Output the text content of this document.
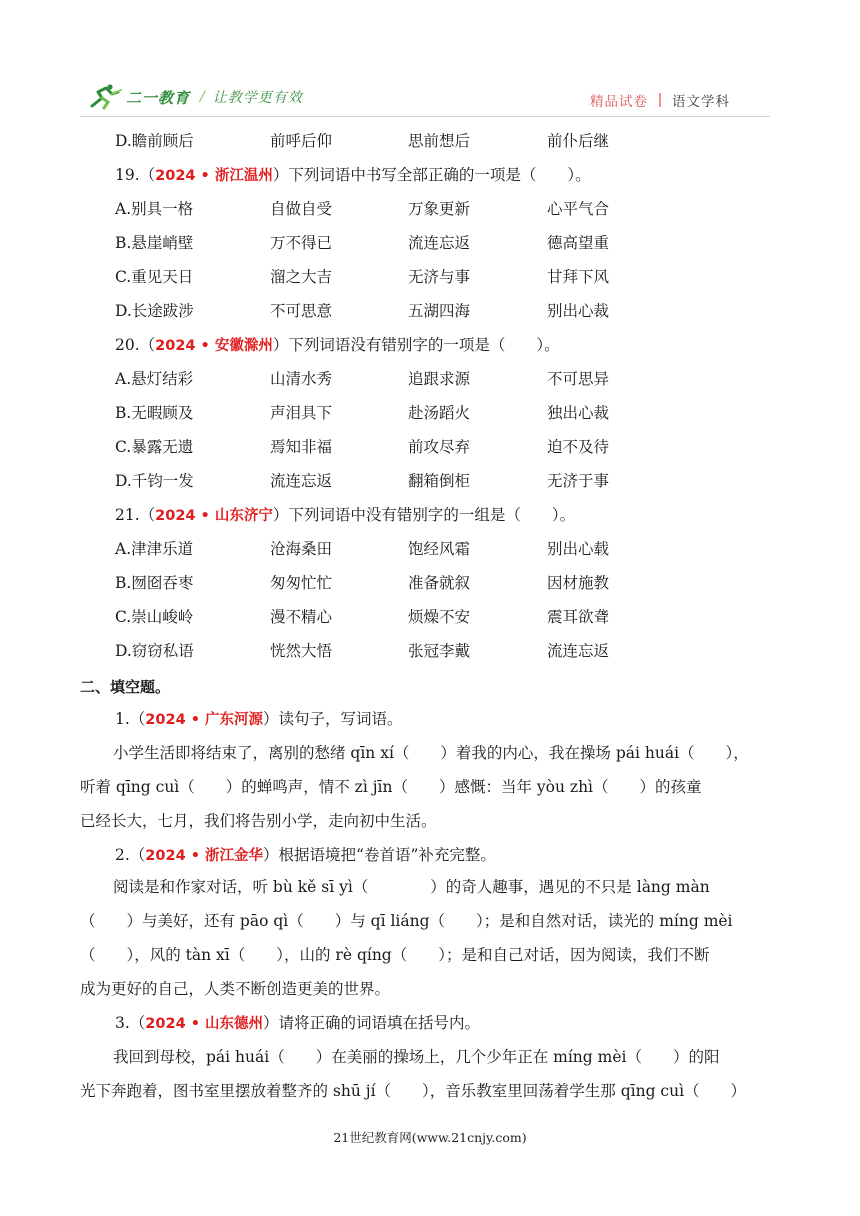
二一教育 / 让教学更有效	精品试卷 语文学科
D.瞻前顾后	前呼后仰	思前想后	前仆后继
19.（2024 • 浙江温州）下列词语中书写全部正确的一项是（　　）。
A.别具一格	自做自受	万象更新	心平气合
B.悬崖峭壁	万不得已	流连忘返	德高望重
C.重见天日	溜之大吉	无济与事	甘拜下风
D.长途跋涉	不可思意	五湖四海	别出心裁
20.（2024 • 安徽滁州）下列词语没有错别字的一项是（　　）。
A.悬灯结彩	山清水秀	追跟求源	不可思异
B.无暇顾及	声泪具下	赴汤蹈火	独出心裁
C.暴露无遗	焉知非福	前攻尽弃	迫不及待
D.千钧一发	流连忘返	翻箱倒柜	无济于事
21.（2024 • 山东济宁）下列词语中没有错别字的一组是（　　）。
A.津津乐道	沧海桑田	饱经风霜	别出心载
B.囫囵吞枣	匆匆忙忙	准备就叙	因材施教
C.崇山峻岭	漫不精心	烦燥不安	震耳欲聋
D.窃窃私语	恍然大悟	张冠李戴	流连忘返
二、填空题。
1.（2024 • 广东河源）读句子，写词语。
小学生活即将结束了，离别的愁绪 qīn xí（　　）着我的内心，我在操场 pái huái（　　），
听着 qīng cuì（　　）的蝉鸣声，情不 zì jīn（　　）感慨：当年 yòu zhì（　　）的孩童
已经长大，七月，我们将告别小学，走向初中生活。
2.（2024 • 浙江金华）根据语境把“卷首语”补充完整。
阅读是和作家对话，听 bù kě sī yì（　　　　）的奇人趣事，遇见的不只是 làng màn
（　　）与美好，还有 pāo qì（　　）与 qī liáng（　　）；是和自然对话，读光的 míng mèi
（　　），风的 tàn xī（　　），山的 rè qíng（　　）；是和自己对话，因为阅读，我们不断
成为更好的自己，人类不断创造更美的世界。
3.（2024 • 山东德州）请将正确的词语填在括号内。
我回到母校，pái huái（　　）在美丽的操场上，几个少年正在 míng mèi（　　）的阳
光下奔跑着，图书室里摆放着整齐的 shū jí（　　），音乐教室里回荡着学生那 qīng cuì（　　）
21世纪教育网(www.21cnjy.com)
